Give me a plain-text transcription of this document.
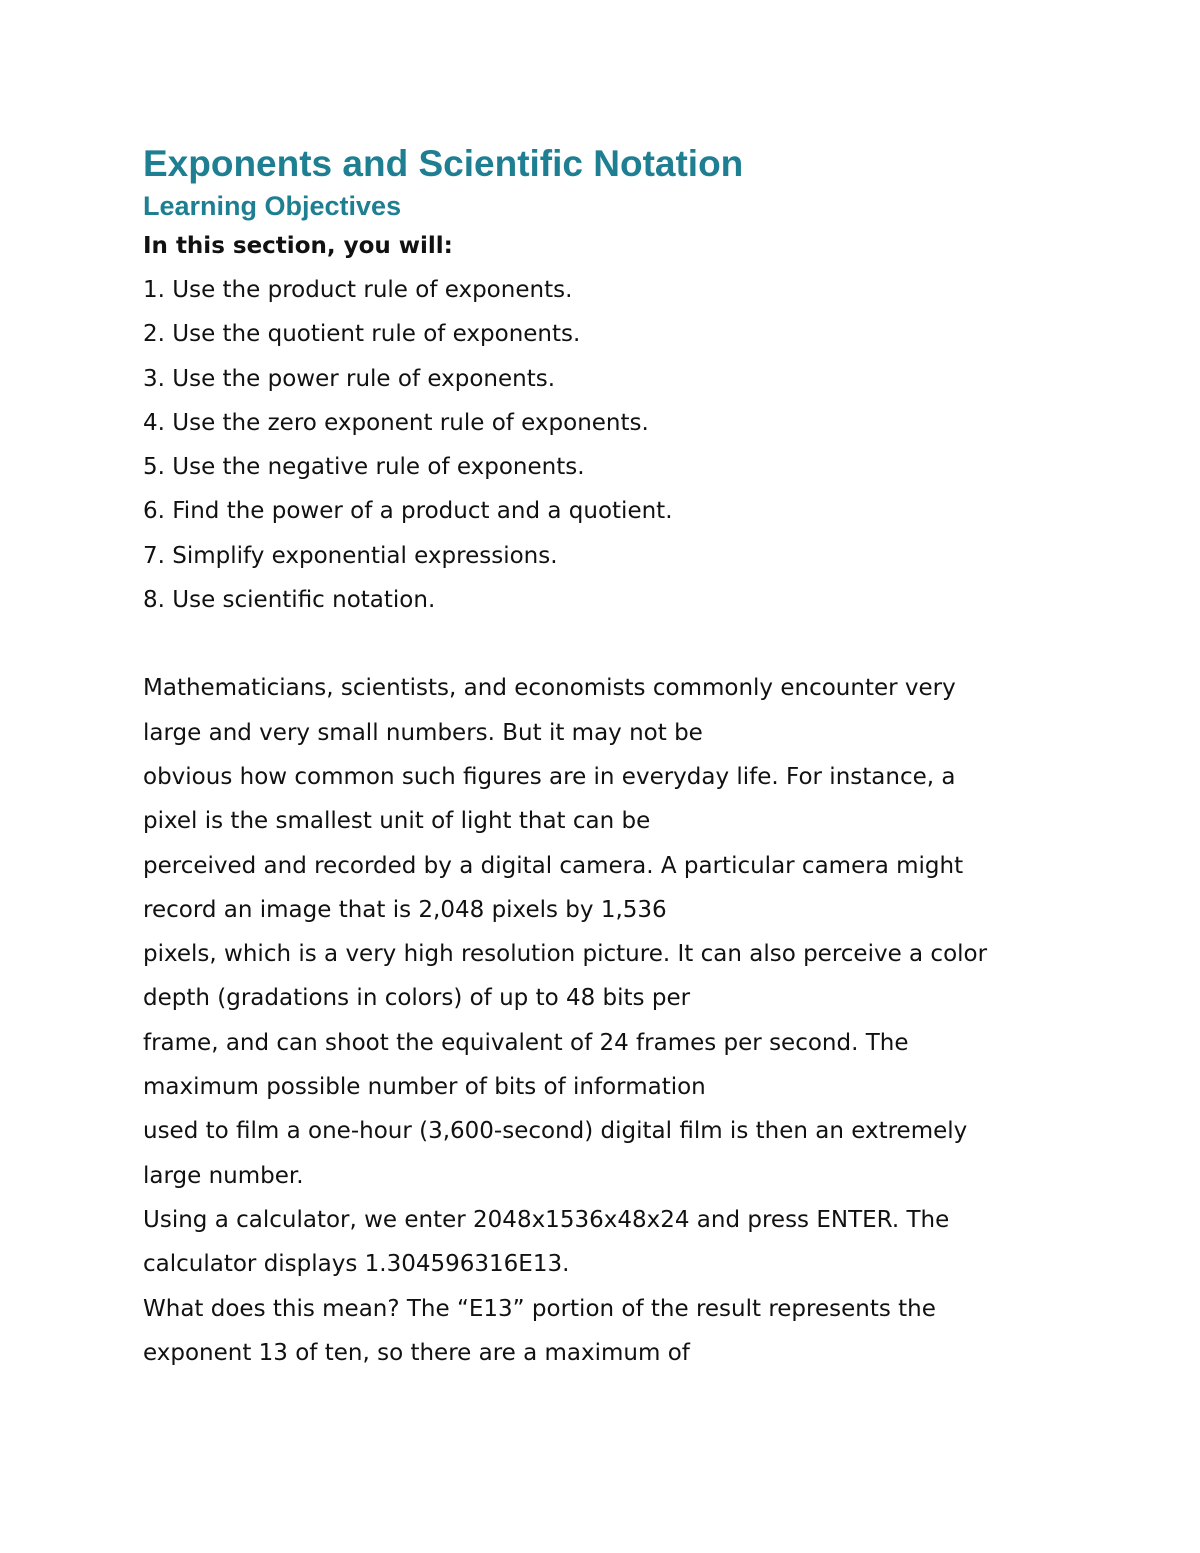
Exponents and Scientific Notation
Learning Objectives

In this section, you will:

1. Use the product rule of exponents.
2. Use the quotient rule of exponents.
3. Use the power rule of exponents.
4. Use the zero exponent rule of exponents.
5. Use the negative rule of exponents.
6. Find the power of a product and a quotient.
7. Simplify exponential expressions.
8. Use scientific notation.

Mathematicians, scientists, and economists commonly encounter very

large and very small numbers. But it may not be

obvious how common such figures are in everyday life. For instance, a

pixel is the smallest unit of light that can be

perceived and recorded by a digital camera. A particular camera might

record an image that is 2,048 pixels by 1,536

pixels, which is a very high resolution picture. It can also perceive a color

depth (gradations in colors) of up to 48 bits per

frame, and can shoot the equivalent of 24 frames per second. The

maximum possible number of bits of information

used to film a one-hour (3,600-second) digital film is then an extremely

large number.

Using a calculator, we enter 2048x1536x48x24 and press ENTER. The

calculator displays 1.304596316E13.

What does this mean? The “E13” portion of the result represents the

exponent 13 of ten, so there are a maximum of
